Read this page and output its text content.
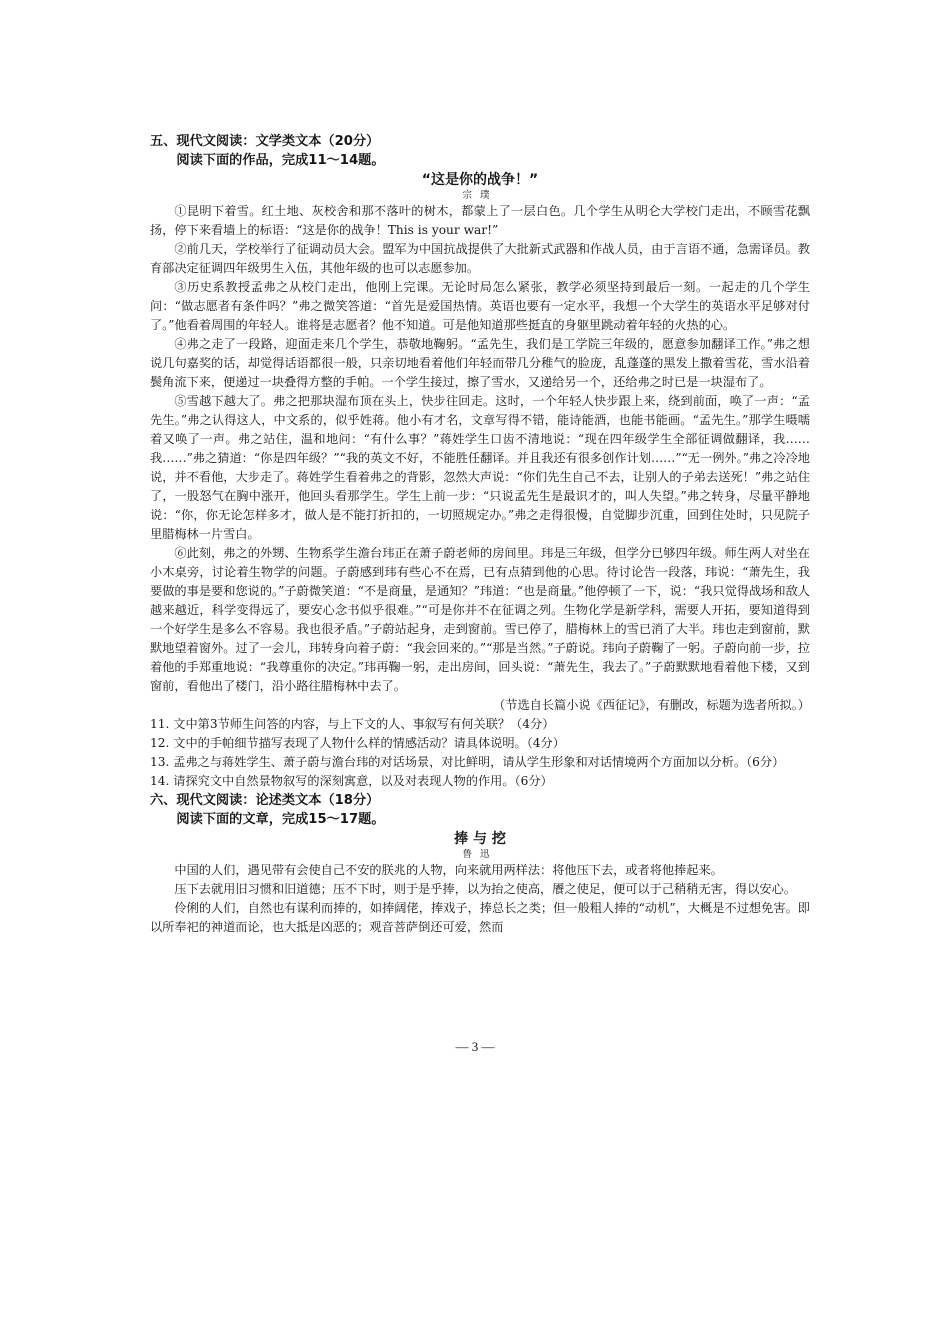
五、现代文阅读：文学类文本（20分）
阅读下面的作品，完成11～14题。
“这是你的战争！”
宗璞

①昆明下着雪。红土地、灰校舍和那不落叶的树木，都蒙上了一层白色。几个学生从明仑大学校门走出，不顾雪花飘扬，停下来看墙上的标语：“这是你的战争！This is your war!”

②前几天，学校举行了征调动员大会。盟军为中国抗战提供了大批新式武器和作战人员，由于言语不通，急需译员。教育部决定征调四年级男生入伍，其他年级的也可以志愿参加。

③历史系教授孟弗之从校门走出，他刚上完课。无论时局怎么紧张，教学必须坚持到最后一刻。一起走的几个学生问：“做志愿者有条件吗？”弗之微笑答道：“首先是爱国热情。英语也要有一定水平，我想一个大学生的英语水平足够对付了。”他看着周围的年轻人。谁将是志愿者？他不知道。可是他知道那些挺直的身躯里跳动着年轻的火热的心。

④弗之走了一段路，迎面走来几个学生，恭敬地鞠躬。“孟先生，我们是工学院三年级的，愿意参加翻译工作。”弗之想说几句嘉奖的话，却觉得话语都很一般，只亲切地看着他们年轻而带几分稚气的脸庞，乱蓬蓬的黑发上撒着雪花，雪水沿着鬓角流下来，便递过一块叠得方整的手帕。一个学生接过，擦了雪水，又递给另一个，还给弗之时已是一块湿布了。

⑤雪越下越大了。弗之把那块湿布顶在头上，快步往回走。这时，一个年轻人快步跟上来，绕到前面，唤了一声：“孟先生。”弗之认得这人，中文系的，似乎姓蒋。他小有才名，文章写得不错，能诗能酒，也能书能画。“孟先生。”那学生嗫嚅着又唤了一声。弗之站住，温和地问：“有什么事？”蒋姓学生口齿不清地说：“现在四年级学生全部征调做翻译，我……我……”弗之猜道：“你是四年级？”“我的英文不好，不能胜任翻译。并且我还有很多创作计划……”“无一例外。”弗之冷冷地说，并不看他，大步走了。蒋姓学生看着弗之的背影，忽然大声说：“你们先生自己不去，让别人的子弟去送死！”弗之站住了，一股怒气在胸中涨开，他回头看那学生。学生上前一步：“只说孟先生是最识才的，叫人失望。”弗之转身，尽量平静地说：“你，你无论怎样多才，做人是不能打折扣的，一切照规定办。”弗之走得很慢，自觉脚步沉重，回到住处时，只见院子里腊梅林一片雪白。

⑥此刻，弗之的外甥、生物系学生澹台玮正在萧子蔚老师的房间里。玮是三年级，但学分已够四年级。师生两人对坐在小木桌旁，讨论着生物学的问题。子蔚感到玮有些心不在焉，已有点猜到他的心思。待讨论告一段落，玮说：“萧先生，我要做的事是要和您说的。”子蔚微笑道：“不是商量，是通知？”玮道：“也是商量。”他停顿了一下，说：“我只觉得战场和敌人越来越近，科学变得远了，要安心念书似乎很难。”“可是你并不在征调之列。生物化学是新学科，需要人开拓，要知道得到一个好学生是多么不容易。我也很矛盾。”子蔚站起身，走到窗前。雪已停了，腊梅林上的雪已消了大半。玮也走到窗前，默默地望着窗外。过了一会儿，玮转身向着子蔚：“我会回来的。”“那是当然。”子蔚说。玮向子蔚鞠了一躬。子蔚向前一步，拉着他的手郑重地说：“我尊重你的决定。”玮再鞠一躬，走出房间，回头说：“萧先生，我去了。”子蔚默默地看着他下楼，又到窗前，看他出了楼门，沿小路往腊梅林中去了。

（节选自长篇小说《西征记》，有删改，标题为选者所拟。）
11. 文中第3节师生问答的内容，与上下文的人、事叙写有何关联？（4分）
12. 文中的手帕细节描写表现了人物什么样的情感活动？请具体说明。（4分）
13. 孟弗之与蒋姓学生、萧子蔚与澹台玮的对话场景，对比鲜明，请从学生形象和对话情境两个方面加以分析。（6分）
14. 请探究文中自然景物叙写的深刻寓意，以及对表现人物的作用。（6分）
六、现代文阅读：论述类文本（18分）
阅读下面的文章，完成15～17题。
捧 与 挖
鲁迅

中国的人们，遇见带有会使自己不安的朕兆的人物，向来就用两样法：将他压下去，或者将他捧起来。

压下去就用旧习惯和旧道德；压不下时，则于是乎捧，以为抬之使高，餍之使足，便可以于己稍稍无害，得以安心。

伶俐的人们，自然也有谋利而捧的，如捧阔佬，捧戏子，捧总长之类；但一般粗人捧的“动机”，大概是不过想免害。即以所奉祀的神道而论，也大抵是凶恶的；观音菩萨倒还可爱，然而

— 3 —
